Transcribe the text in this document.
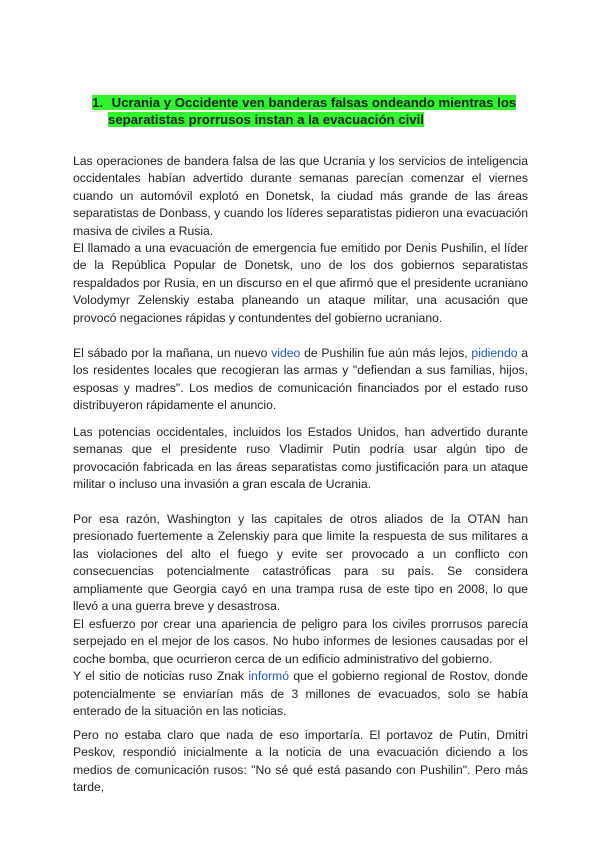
1. Ucrania y Occidente ven banderas falsas ondeando mientras los
separatistas prorrusos instan a la evacuación civil

Las operaciones de bandera falsa de las que Ucrania y los servicios de inteligencia occidentales habían advertido durante semanas parecían comenzar el viernes cuando un automóvil explotó en Donetsk, la ciudad más grande de las áreas separatistas de Donbass, y cuando los líderes separatistas pidieron una evacuación masiva de civiles a Rusia.

El llamado a una evacuación de emergencia fue emitido por Denis Pushilin, el líder de la República Popular de Donetsk, uno de los dos gobiernos separatistas respaldados por Rusia, en un discurso en el que afirmó que el presidente ucraniano Volodymyr Zelenskiy estaba planeando un ataque militar, una acusación que provocó negaciones rápidas y contundentes del gobierno ucraniano.

El sábado por la mañana, un nuevo video de Pushilin fue aún más lejos, pidiendo a los residentes locales que recogieran las armas y "defiendan a sus familias, hijos, esposas y madres". Los medios de comunicación financiados por el estado ruso distribuyeron rápidamente el anuncio.

Las potencias occidentales, incluidos los Estados Unidos, han advertido durante semanas que el presidente ruso Vladimir Putin podría usar algún tipo de provocación fabricada en las áreas separatistas como justificación para un ataque militar o incluso una invasión a gran escala de Ucrania.

Por esa razón, Washington y las capitales de otros aliados de la OTAN han presionado fuertemente a Zelenskiy para que limite la respuesta de sus militares a las violaciones del alto el fuego y evite ser provocado a un conflicto con consecuencias potencialmente catastróficas para su país. Se considera ampliamente que Georgia cayó en una trampa rusa de este tipo en 2008, lo que llevó a una guerra breve y desastrosa.

El esfuerzo por crear una apariencia de peligro para los civiles prorrusos parecía serpejado en el mejor de los casos. No hubo informes de lesiones causadas por el coche bomba, que ocurrieron cerca de un edificio administrativo del gobierno.
Y el sitio de noticias ruso Znak informó que el gobierno regional de Rostov, donde potencialmente se enviarían más de 3 millones de evacuados, solo se había enterado de la situación en las noticias.

Pero no estaba claro que nada de eso importaría. El portavoz de Putin, Dmitri Peskov, respondió inicialmente a la noticia de una evacuación diciendo a los medios de comunicación rusos: "No sé qué está pasando con Pushilin". Pero más tarde,
